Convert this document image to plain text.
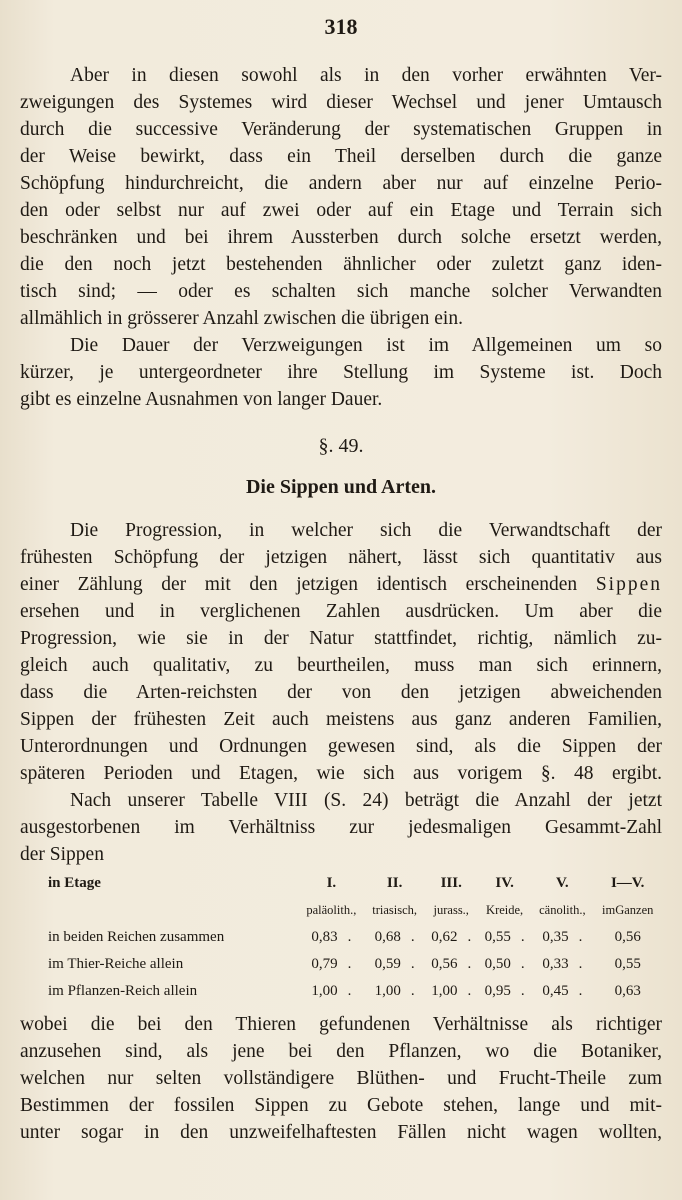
318
Aber in diesen sowohl als in den vorher erwähnten Ver-
zweigungen des Systemes wird dieser Wechsel und jener Umtausch
durch die successive Veränderung der systematischen Gruppen in
der Weise bewirkt, dass ein Theil derselben durch die ganze
Schöpfung hindurchreicht, die andern aber nur auf einzelne Perio-
den oder selbst nur auf zwei oder auf ein Etage und Terrain sich
beschränken und bei ihrem Aussterben durch solche ersetzt werden,
die den noch jetzt bestehenden ähnlicher oder zuletzt ganz iden-
tisch sind; — oder es schalten sich manche solcher Verwandten
allmählich in grösserer Anzahl zwischen die übrigen ein.
Die Dauer der Verzweigungen ist im Allgemeinen um so
kürzer, je untergeordneter ihre Stellung im Systeme ist. Doch
gibt es einzelne Ausnahmen von langer Dauer.
§. 49.
Die Sippen und Arten.
Die Progression, in welcher sich die Verwandtschaft der
frühesten Schöpfung der jetzigen nähert, lässt sich quantitativ aus
einer Zählung der mit den jetzigen identisch erscheinenden Sippen
ersehen und in verglichenen Zahlen ausdrücken. Um aber die
Progression, wie sie in der Natur stattfindet, richtig, nämlich zu-
gleich auch qualitativ, zu beurtheilen, muss man sich erinnern,
dass die Arten-reichsten der von den jetzigen abweichenden
Sippen der frühesten Zeit auch meistens aus ganz anderen Familien,
Unterordnungen und Ordnungen gewesen sind, als die Sippen der
späteren Perioden und Etagen, wie sich aus vorigem §. 48 ergibt.
Nach unserer Tabelle VIII (S. 24) beträgt die Anzahl der jetzt
ausgestorbenen im Verhältniss zur jedesmaligen Gesammt-Zahl
der Sippen
in Etage	I.	II.	III.	IV.	V.	I—V.
	paläolith.,	triasisch,	jurass.,	Kreide,	cänolith.,	imGanzen
in beiden Reichen zusammen	0,83 .	0,68 .	0,62 .	0,55 .	0,35 .	0,56
im Thier-Reiche allein	0,79 .	0,59 .	0,56 .	0,50 .	0,33 .	0,55
im Pflanzen-Reich allein	1,00 .	1,00 .	1,00 .	0,95 .	0,45 .	0,63
wobei die bei den Thieren gefundenen Verhältnisse als richtiger
anzusehen sind, als jene bei den Pflanzen, wo die Botaniker,
welchen nur selten vollständigere Blüthen- und Frucht-Theile zum
Bestimmen der fossilen Sippen zu Gebote stehen, lange und mit-
unter sogar in den unzweifelhaftesten Fällen nicht wagen wollten,
